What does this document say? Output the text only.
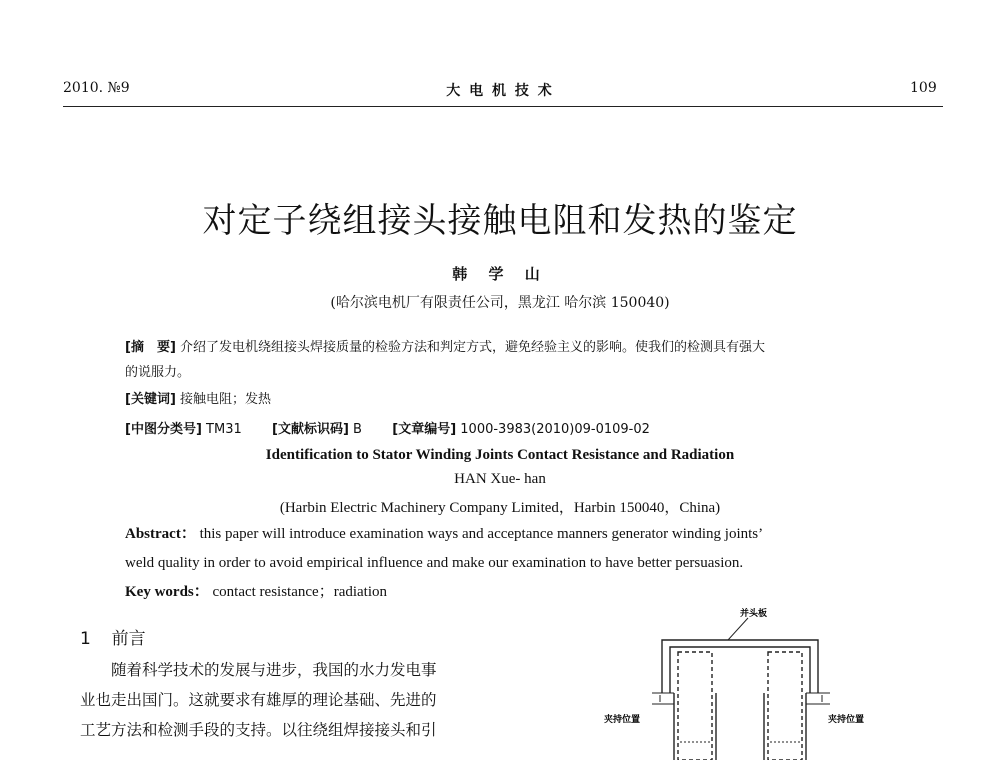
2010. №9	大 电 机 技 术	109
对定子绕组接头接触电阻和发热的鉴定
韩 学 山
(哈尔滨电机厂有限责任公司，黑龙江 哈尔滨 150040)
[摘　要] 介绍了发电机绕组接头焊接质量的检验方法和判定方式，避免经验主义的影响。使我们的检测具有强大
的说服力。
[关键词] 接触电阻；发热
[中图分类号] TM31 [文献标识码] B [文章编号] 1000-3983(2010)09-0109-02
Identification to Stator Winding Joints Contact Resistance and Radiation
HAN Xue- han
(Harbin Electric Machinery Company Limited，Harbin 150040，China)
Abstract： this paper will introduce examination ways and acceptance manners generator winding joints’
weld quality in order to avoid empirical influence and make our examination to have better persuasion.
Key words： contact resistance；radiation
1 前言
随着科学技术的发展与进步，我国的水力发电事
业也走出国门。这就要求有雄厚的理论基础、先进的
工艺方法和检测手段的支持。以往绕组焊接接头和引
并头板
夹持位置	夹持位置
